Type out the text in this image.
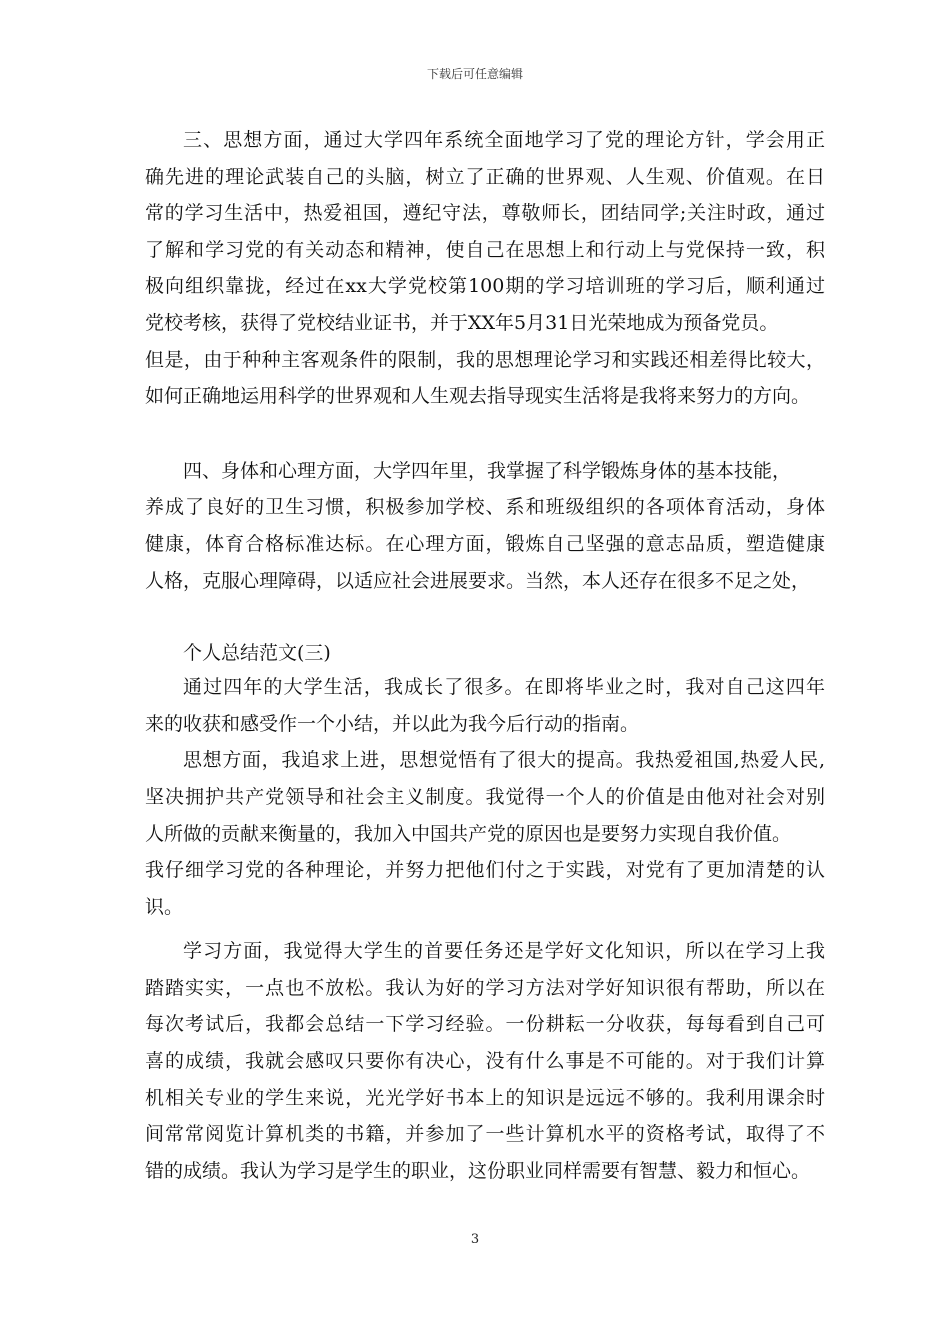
下载后可任意编辑
三、思想方面，通过大学四年系统全面地学习了党的理论方针，学会用正
确先进的理论武装自己的头脑，树立了正确的世界观、人生观、价值观。在日
常的学习生活中，热爱祖国，遵纪守法，尊敬师长，团结同学;关注时政，通过
了解和学习党的有关动态和精神，使自己在思想上和行动上与党保持一致，积
极向组织靠拢，经过在xx大学党校第100期的学习培训班的学习后，顺利通过
党校考核，获得了党校结业证书，并于XX年5月31日光荣地成为预备党员。
但是，由于种种主客观条件的限制，我的思想理论学习和实践还相差得比较大，
如何正确地运用科学的世界观和人生观去指导现实生活将是我将来努力的方向。
四、身体和心理方面，大学四年里，我掌握了科学锻炼身体的基本技能，
养成了良好的卫生习惯，积极参加学校、系和班级组织的各项体育活动，身体
健康，体育合格标准达标。在心理方面，锻炼自己坚强的意志品质，塑造健康
人格，克服心理障碍，以适应社会进展要求。当然，本人还存在很多不足之处，
个人总结范文(三)
通过四年的大学生活，我成长了很多。在即将毕业之时，我对自己这四年
来的收获和感受作一个小结，并以此为我今后行动的指南。
思想方面，我追求上进，思想觉悟有了很大的提高。我热爱祖国,热爱人民,
坚决拥护共产党领导和社会主义制度。我觉得一个人的价值是由他对社会对别
人所做的贡献来衡量的，我加入中国共产党的原因也是要努力实现自我价值。
我仔细学习党的各种理论，并努力把他们付之于实践，对党有了更加清楚的认
识。
学习方面，我觉得大学生的首要任务还是学好文化知识，所以在学习上我
踏踏实实，一点也不放松。我认为好的学习方法对学好知识很有帮助，所以在
每次考试后，我都会总结一下学习经验。一份耕耘一分收获，每每看到自己可
喜的成绩，我就会感叹只要你有决心，没有什么事是不可能的。对于我们计算
机相关专业的学生来说，光光学好书本上的知识是远远不够的。我利用课余时
间常常阅览计算机类的书籍，并参加了一些计算机水平的资格考试，取得了不
错的成绩。我认为学习是学生的职业，这份职业同样需要有智慧、毅力和恒心。
3
